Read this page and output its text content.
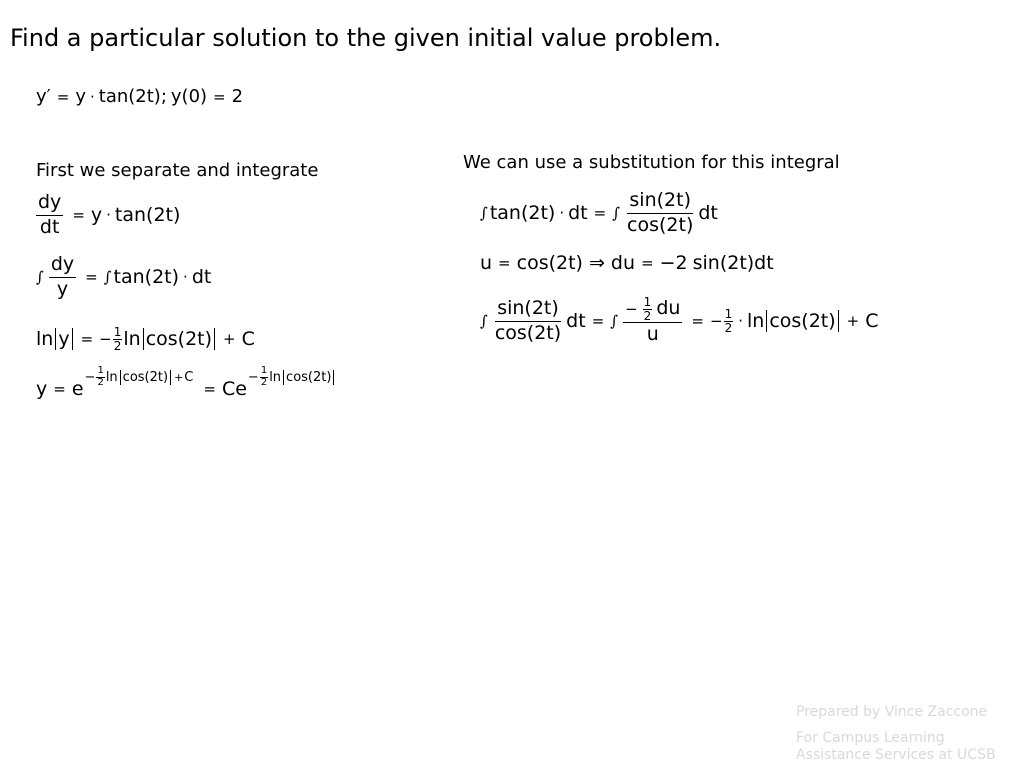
Find a particular solution to the given initial value problem.
y′ = y · tan(2t); y(0) = 2
First we separate and integrate
$\frac{dy}{dt} = y \cdot \tan(2t)$
∫ $\frac{dy}{y}$ = ∫ tan(2t) · dt
ln y = − $\frac{1}{2}$ ln cos(2t) + C
y = e
− $\frac{1}{2}$ ln cos(2t) + C
= Ce
− $\frac{1}{2}$ ln cos(2t)
We can use a substitution for this integral
∫ tan(2t) · dt = ∫ $\frac{\sin(2t)}{\cos(2t)}$ dt
u = cos(2t) ⇒ du = −2 sin(2t)dt
∫ $\frac{\sin(2t)}{\cos(2t)}$ dt = ∫ $\frac{- \frac{1}{2} du}{u}$ = − $\frac{1}{2} \cdot \ln \cos(2t) + C$
Prepared by Vince Zaccone
For Campus Learning
Assistance Services at UCSB
